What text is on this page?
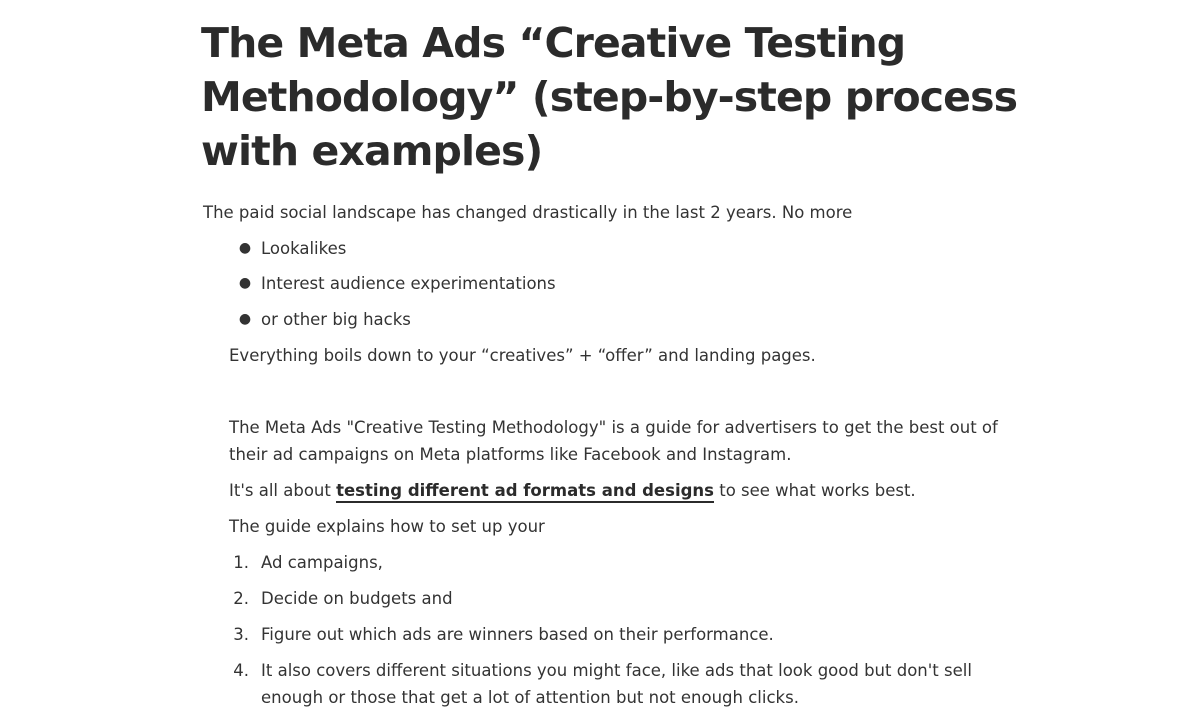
The Meta Ads “Creative Testing Methodology” (step-by-step process with examples)

The paid social landscape has changed drastically in the last 2 years. No more

● Lookalikes
● Interest audience experimentations
● or other big hacks

Everything boils down to your “creatives” + “offer” and landing pages.

The Meta Ads "Creative Testing Methodology" is a guide for advertisers to get the best out of

their ad campaigns on Meta platforms like Facebook and Instagram.

It's all about testing different ad formats and designs to see what works best.

The guide explains how to set up your

1. Ad campaigns,
2. Decide on budgets and
3. Figure out which ads are winners based on their performance.
4. It also covers different situations you might face, like ads that look good but don't sell
enough or those that get a lot of attention but not enough clicks.
